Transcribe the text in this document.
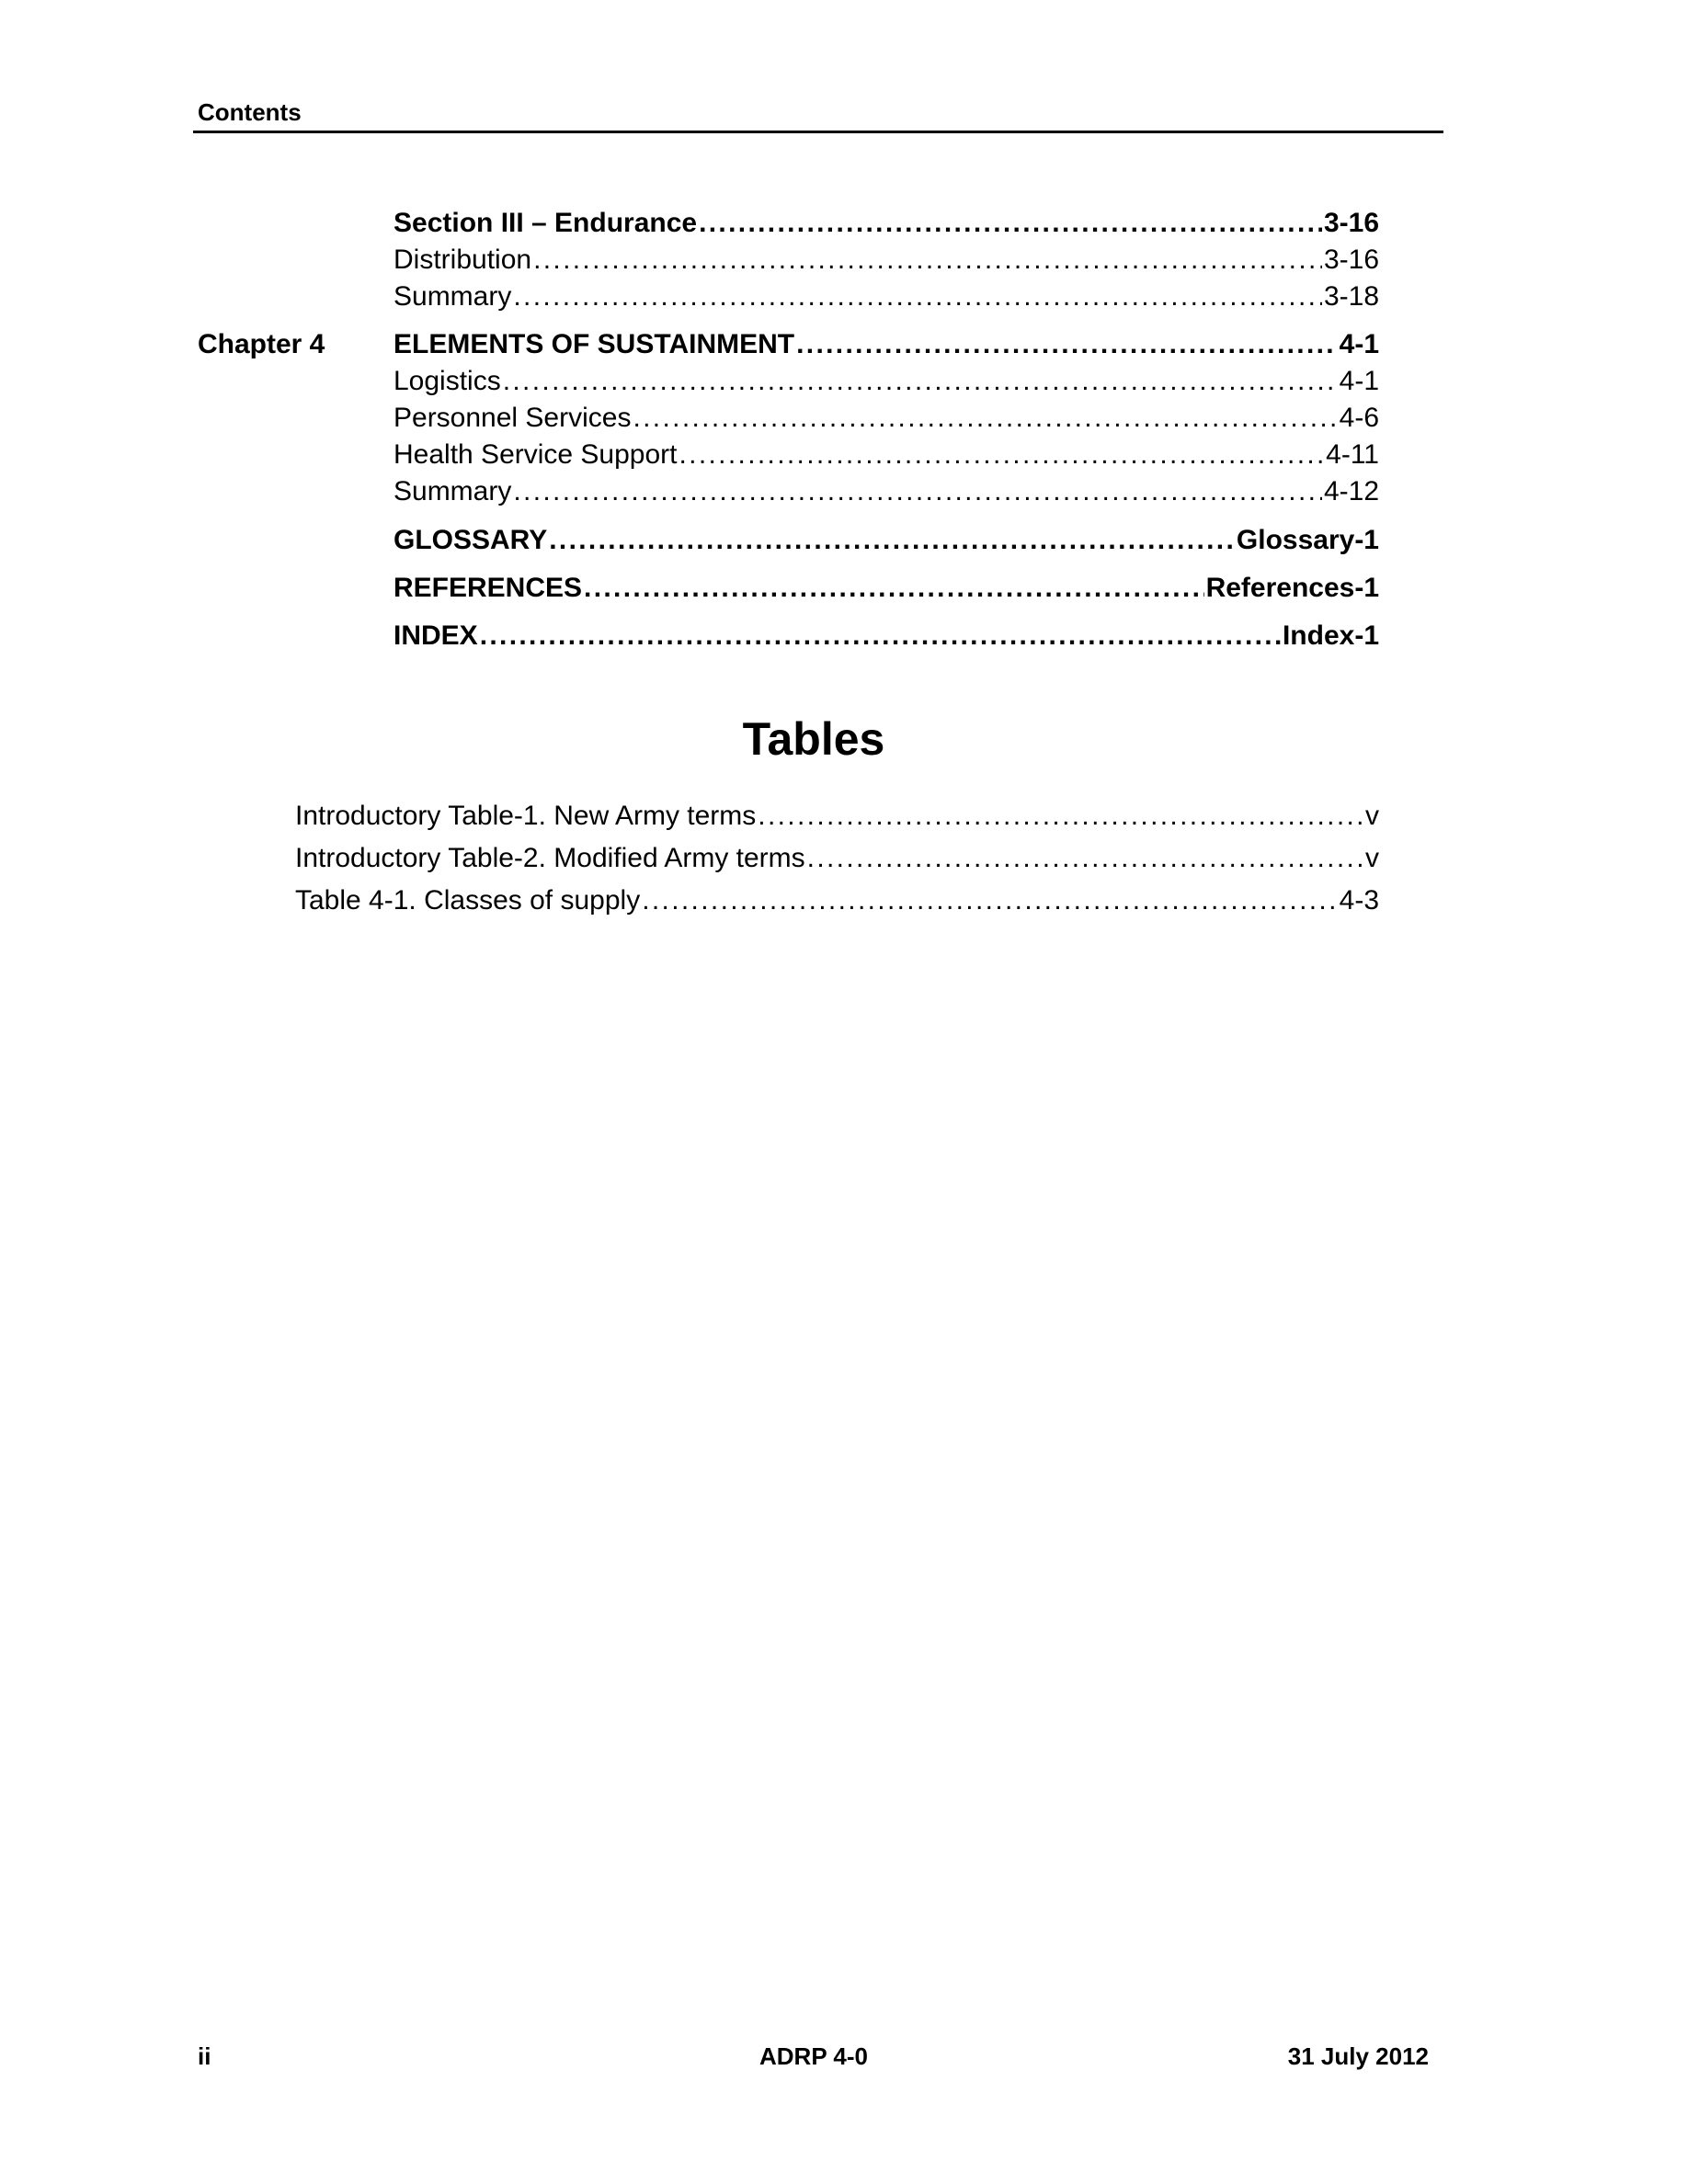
Contents
Section III – Endurance . . .	3-16
Distribution . . .	3-16
Summary . . .	3-18
Chapter 4 ELEMENTS OF SUSTAINMENT . . .	4-1
Logistics . . .	4-1
Personnel Services . . .	4-6
Health Service Support . . .	4-11
Summary . . .	4-12
GLOSSARY . . .	Glossary-1
REFERENCES . . .	References-1
INDEX . . .	Index-1
Tables
Introductory Table-1. New Army terms . . .	v
Introductory Table-2. Modified Army terms . . .	v
Table 4-1. Classes of supply . . .	4-3
ii	ADRP 4-0	31 July 2012
